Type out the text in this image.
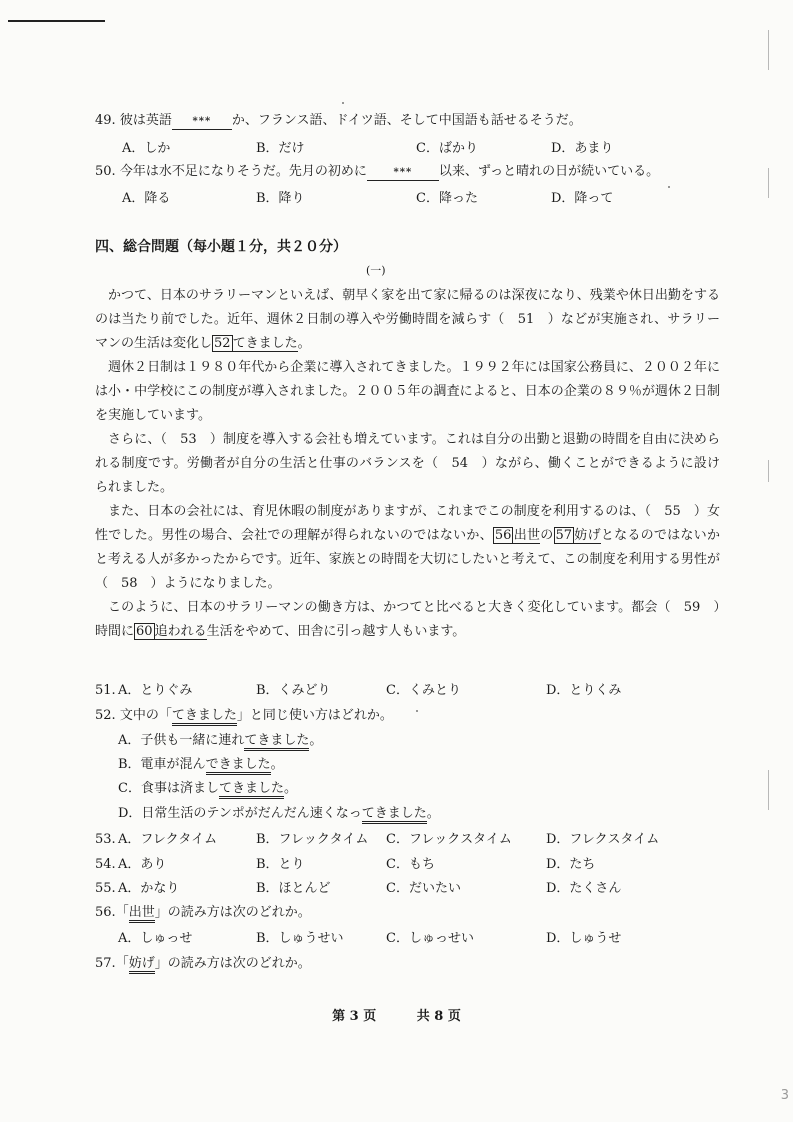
49. 彼は英語 *** か、フランス語、ドイツ語、そして中国語も話せるそうだ。
A．しか	B．だけ	C．ばかり	D．あまり
50. 今年は水不足になりそうだ。先月の初めに	*** 以来、ずっと晴れの日が続いている。
A．降る	B．降り	C．降った	D．降って
四、総合問題（每小題１分，共２０分）
(一)

かつて、日本のサラリーマンといえば、朝早く家を出て家に帰るのは深夜になり、残業や休日出勤をするのは当たり前でした。近年、週休２日制の導入や労働時間を減らす（　51　）などが実施され、サラリーマンの生活は変化し 52 てきました。

週休２日制は１９８０年代から企業に導入されてきました。１９９２年には国家公務員に、２００２年には小・中学校にこの制度が導入されました。２００５年の調査によると、日本の企業の８９％が週休２日制を実施しています。

さらに、（　53　）制度を導入する会社も増えています。これは自分の出勤と退勤の時間を自由に決められる制度です。労働者が自分の生活と仕事のバランスを（　54　）ながら、働くことができるように設けられました。

また、日本の会社には、育児休暇の制度がありますが、これまでこの制度を利用するのは、（　55　）女性でした。男性の場合、会社での理解が得られないのではないか、 56 出世の 57 妨げとなるのではないかと考える人が多かったからです。近年、家族との時間を大切にしたいと考えて、この制度を利用する男性が（　58　）ようになりました。

このように、日本のサラリーマンの働き方は、かつてと比べると大きく変化しています。都会（　59　）時間に 60 追われる生活をやめて、田舎に引っ越す人もいます。

51. A．とりぐみ	B．くみどり	C．くみとり	D．とりくみ
52. 文中の「てきました」と同じ使い方はどれか。
A．子供も一緒に連れてきました。
B．電車が混んできました。
C．食事は済ましてきました。
D．日常生活のテンポがだんだん速くなってきました。
53. A．フレクタイム	B．フレックタイム C．フレックスタイム	D．フレクスタイム
54. A．あり	B．とり	C．もち	D．たち
55. A．かなり	B．ほとんど	C．だいたい	D．たくさん
56.「出世」の読み方は次のどれか。
A．しゅっせ	B．しゅうせい	C．しゅっせい	D．しゅうせ
57.「妨げ」の読み方は次のどれか。
第 3 页	共 8 页
3
